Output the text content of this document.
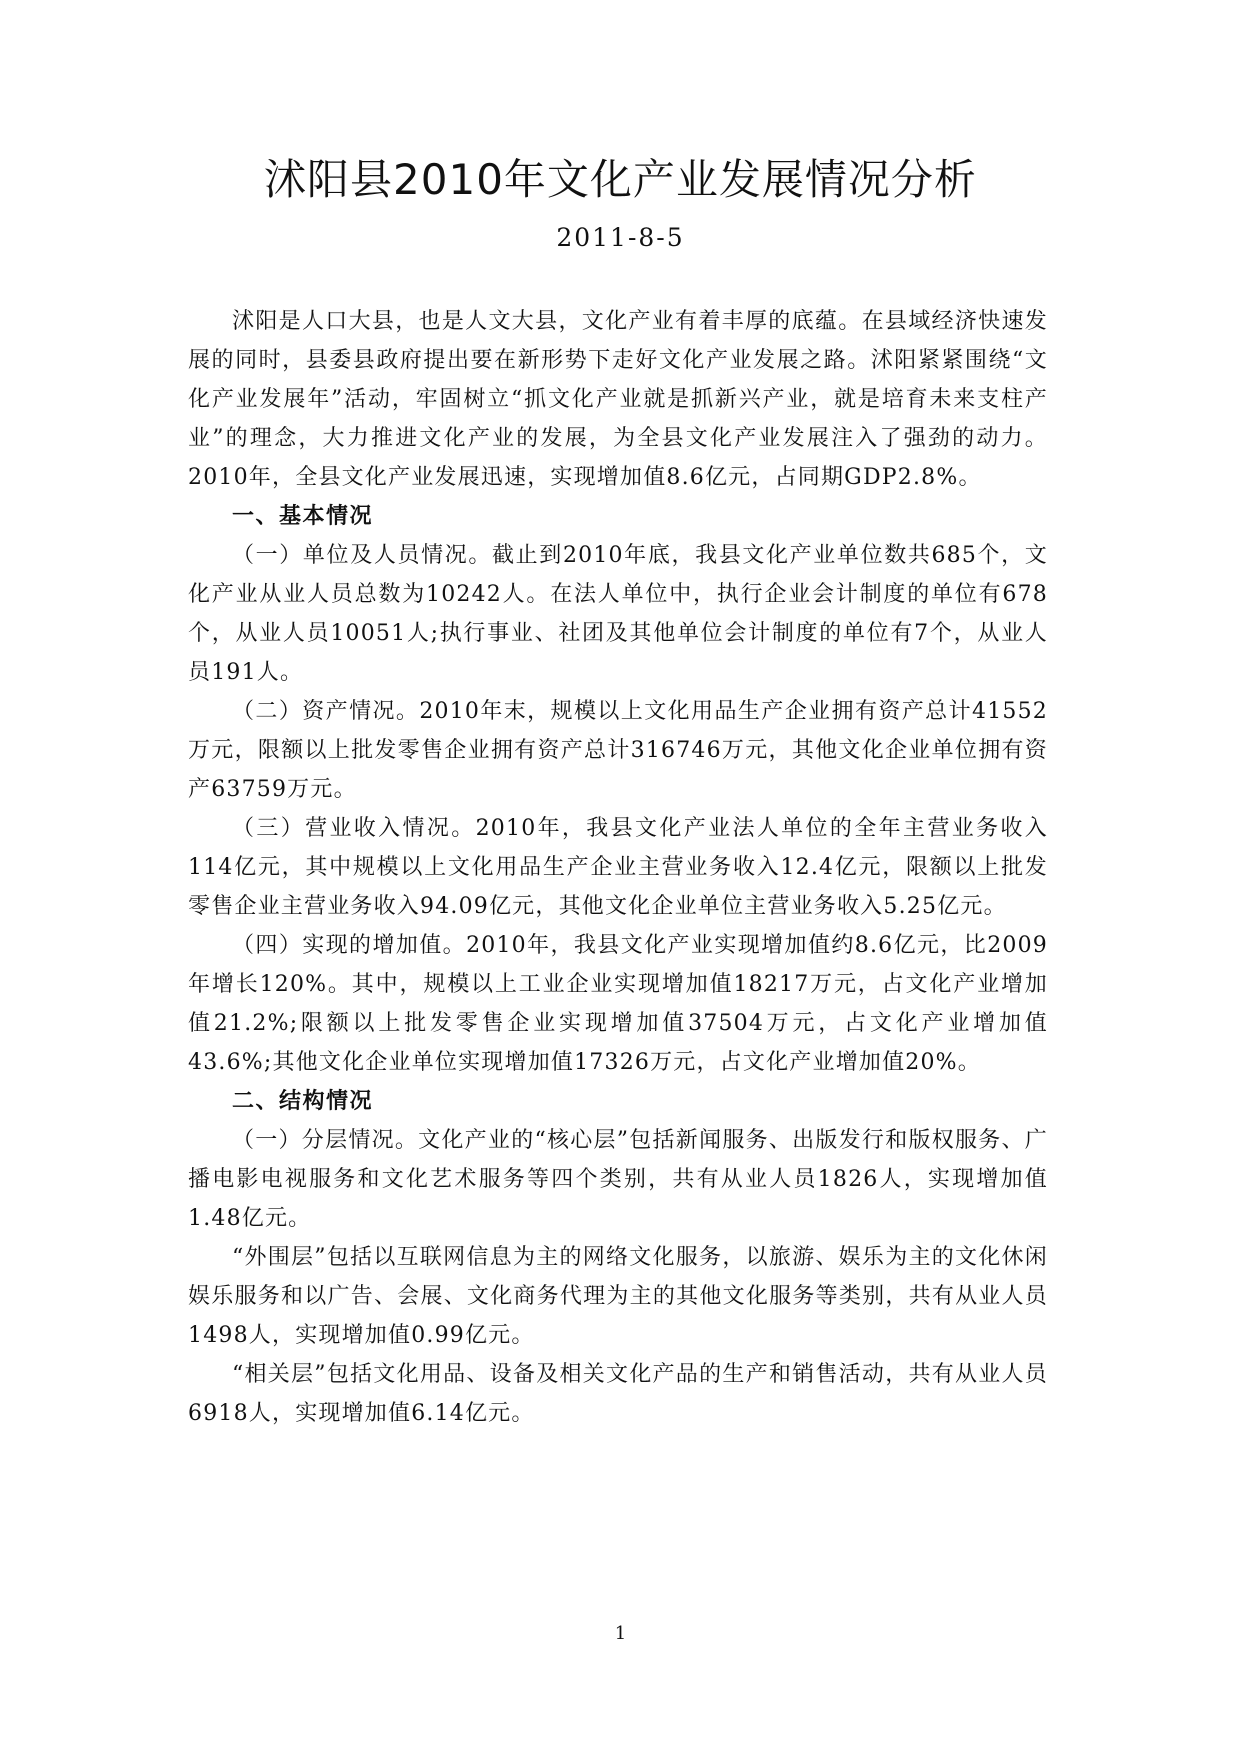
沭阳县2010年文化产业发展情况分析
2011-8-5

沭阳是人口大县，也是人文大县，文化产业有着丰厚的底蕴。在县域经济快速发展的同时，县委县政府提出要在新形势下走好文化产业发展之路。沭阳紧紧围绕“文化产业发展年”活动，牢固树立“抓文化产业就是抓新兴产业，就是培育未来支柱产业”的理念，大力推进文化产业的发展，为全县文化产业发展注入了强劲的动力。2010年，全县文化产业发展迅速，实现增加值8.6亿元，占同期GDP2.8%。

一、基本情况

（一）单位及人员情况。截止到2010年底，我县文化产业单位数共685个，文化产业从业人员总数为10242人。在法人单位中，执行企业会计制度的单位有678个，从业人员10051人;执行事业、社团及其他单位会计制度的单位有7个，从业人员191人。

（二）资产情况。2010年末，规模以上文化用品生产企业拥有资产总计41552万元，限额以上批发零售企业拥有资产总计316746万元，其他文化企业单位拥有资产63759万元。

（三）营业收入情况。2010年，我县文化产业法人单位的全年主营业务收入114亿元，其中规模以上文化用品生产企业主营业务收入12.4亿元，限额以上批发零售企业主营业务收入94.09亿元，其他文化企业单位主营业务收入5.25亿元。

（四）实现的增加值。2010年，我县文化产业实现增加值约8.6亿元，比2009年增长120%。其中，规模以上工业企业实现增加值18217万元，占文化产业增加值21.2%;限额以上批发零售企业实现增加值37504万元，占文化产业增加值43.6%;其他文化企业单位实现增加值17326万元，占文化产业增加值20%。

二、结构情况

（一）分层情况。文化产业的“核心层”包括新闻服务、出版发行和版权服务、广播电影电视服务和文化艺术服务等四个类别，共有从业人员1826人，实现增加值1.48亿元。

“外围层”包括以互联网信息为主的网络文化服务，以旅游、娱乐为主的文化休闲娱乐服务和以广告、会展、文化商务代理为主的其他文化服务等类别，共有从业人员1498人，实现增加值0.99亿元。

“相关层”包括文化用品、设备及相关文化产品的生产和销售活动，共有从业人员6918人，实现增加值6.14亿元。

1
